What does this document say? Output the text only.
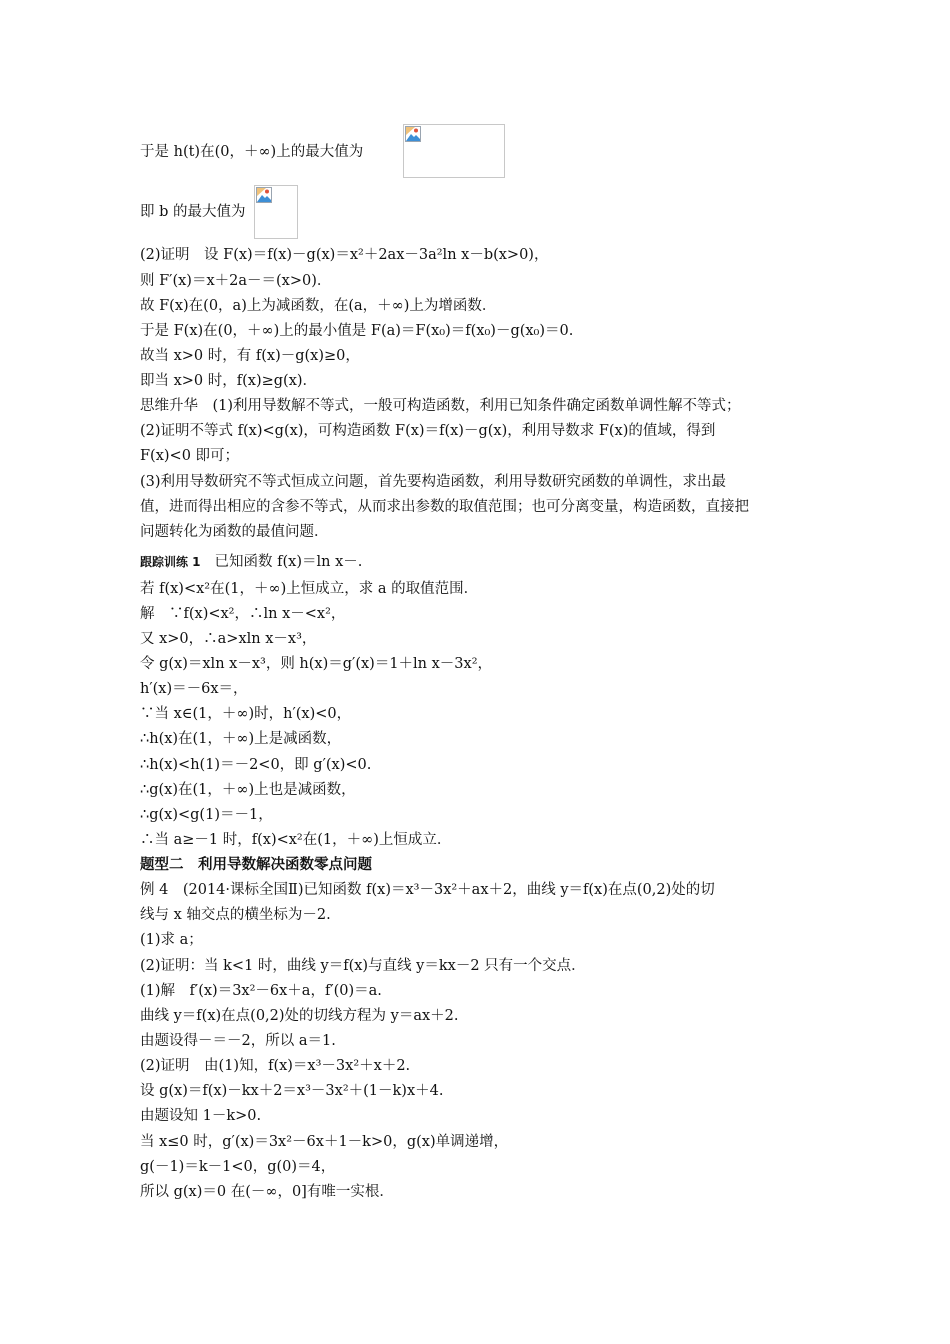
于是 h(t)在(0，＋∞)上的最大值为
即 b 的最大值为
(2)证明　设 F(x)＝f(x)－g(x)＝x²＋2ax－3a²ln x－b(x>0)，
则 F′(x)＝x＋2a－＝(x>0)．
故 F(x)在(0，a)上为减函数，在(a，＋∞)上为增函数．
于是 F(x)在(0，＋∞)上的最小值是 F(a)＝F(x₀)＝f(x₀)－g(x₀)＝0.
故当 x>0 时，有 f(x)－g(x)≥0，
即当 x>0 时，f(x)≥g(x)．
思维升华　(1)利用导数解不等式，一般可构造函数，利用已知条件确定函数单调性解不等式；
(2)证明不等式 f(x)<g(x)，可构造函数 F(x)＝f(x)－g(x)，利用导数求 F(x)的值域，得到
F(x)<0 即可；
(3)利用导数研究不等式恒成立问题，首先要构造函数，利用导数研究函数的单调性，求出最
值，进而得出相应的含参不等式，从而求出参数的取值范围；也可分离变量，构造函数，直接把
问题转化为函数的最值问题．
跟踪训练 1 已知函数 f(x)＝ln x－.
若 f(x)<x²在(1，＋∞)上恒成立，求 a 的取值范围．
解　∵f(x)<x²，∴ln x－<x²，
又 x>0，∴a>xln x－x³，
令 g(x)＝xln x－x³，则 h(x)＝g′(x)＝1＋ln x－3x²，
h′(x)＝－6x＝，
∵当 x∈(1，＋∞)时，h′(x)<0，
∴h(x)在(1，＋∞)上是减函数，
∴h(x)<h(1)＝－2<0，即 g′(x)<0.
∴g(x)在(1，＋∞)上也是减函数，
∴g(x)<g(1)＝－1，
∴当 a≥－1 时，f(x)<x²在(1，＋∞)上恒成立．
题型二　利用导数解决函数零点问题
例 4　(2014·课标全国Ⅱ)已知函数 f(x)＝x³－3x²＋ax＋2，曲线 y＝f(x)在点(0,2)处的切
线与 x 轴交点的横坐标为－2.
(1)求 a；
(2)证明：当 k<1 时，曲线 y＝f(x)与直线 y＝kx－2 只有一个交点．
(1)解　f′(x)＝3x²－6x＋a，f′(0)＝a.
曲线 y＝f(x)在点(0,2)处的切线方程为 y＝ax＋2.
由题设得－＝－2，所以 a＝1.
(2)证明　由(1)知，f(x)＝x³－3x²＋x＋2.
设 g(x)＝f(x)－kx＋2＝x³－3x²＋(1－k)x＋4.
由题设知 1－k>0.
当 x≤0 时，g′(x)＝3x²－6x＋1－k>0，g(x)单调递增，
g(－1)＝k－1<0，g(0)＝4，
所以 g(x)＝0 在(－∞，0]有唯一实根．
